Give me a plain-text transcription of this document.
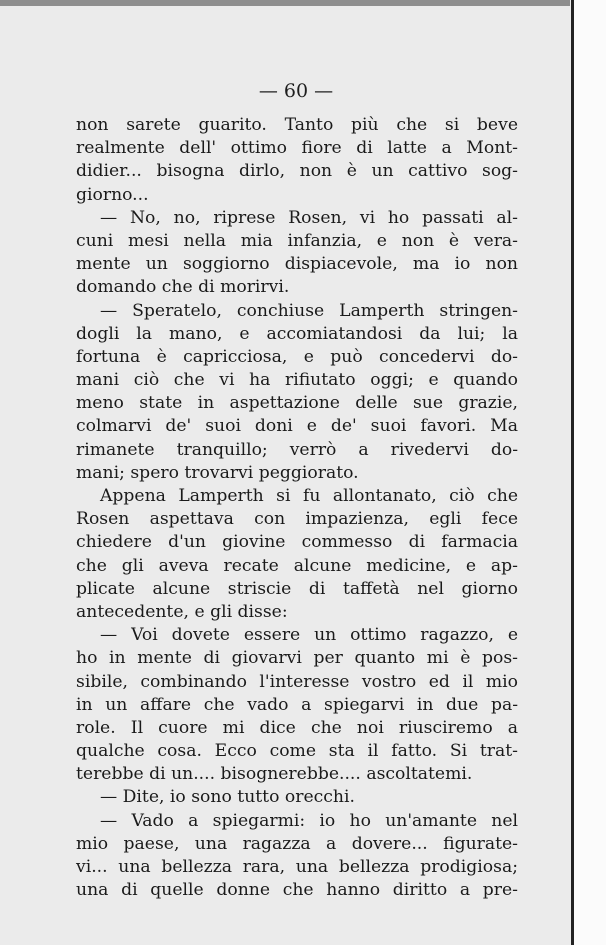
— 60 —
non sarete guarito. Tanto più che si beve
realmente dell' ottimo fiore di latte a Mont-
didier... bisogna dirlo, non è un cattivo sog-
giorno...
— No, no, riprese Rosen, vi ho passati al-
cuni mesi nella mia infanzia, e non è vera-
mente un soggiorno dispiacevole, ma io non
domando che di morirvi.
— Speratelo, conchiuse Lamperth stringen-
dogli la mano, e accomiatandosi da lui; la
fortuna è capricciosa, e può concedervi do-
mani ciò che vi ha rifiutato oggi; e quando
meno state in aspettazione delle sue grazie,
colmarvi de' suoi doni e de' suoi favori. Ma
rimanete tranquillo; verrò a rivedervi do-
mani; spero trovarvi peggiorato.
Appena Lamperth si fu allontanato, ciò che
Rosen aspettava con impazienza, egli fece
chiedere d'un giovine commesso di farmacia
che gli aveva recate alcune medicine, e ap-
plicate alcune striscie di taffetà nel giorno
antecedente, e gli disse:
— Voi dovete essere un ottimo ragazzo, e
ho in mente di giovarvi per quanto mi è pos-
sibile, combinando l'interesse vostro ed il mio
in un affare che vado a spiegarvi in due pa-
role. Il cuore mi dice che noi riusciremo a
qualche cosa. Ecco come sta il fatto. Si trat-
terebbe di un.... bisognerebbe.... ascoltatemi.
— Dite, io sono tutto orecchi.
— Vado a spiegarmi: io ho un'amante nel
mio paese, una ragazza a dovere... figurate-
vi... una bellezza rara, una bellezza prodigiosa;
una di quelle donne che hanno diritto a pre-
